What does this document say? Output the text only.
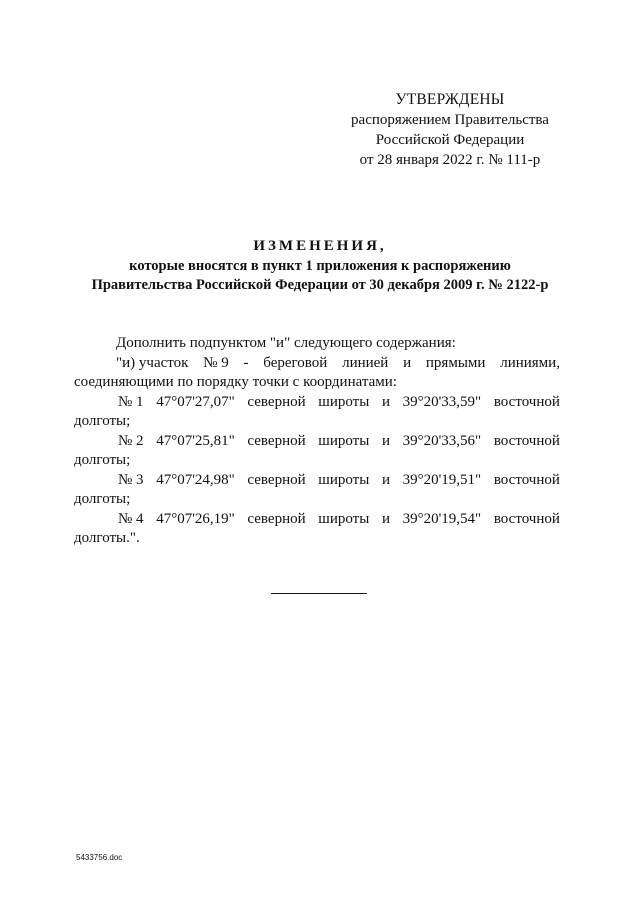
УТВЕРЖДЕНЫ
распоряжением Правительства
Российской Федерации
от 28 января 2022 г. № 111-р
ИЗМЕНЕНИЯ,
которые вносятся в пункт 1 приложения к распоряжению
Правительства Российской Федерации от 30 декабря 2009 г. № 2122-р
Дополнить подпунктом "и" следующего содержания:
"и) участок № 9 - береговой линией и прямыми линиями,
соединяющими по порядку точки с координатами:
№ 1 47°07'27,07" северной широты и 39°20'33,59" восточной
долготы;
№ 2 47°07'25,81" северной широты и 39°20'33,56" восточной
долготы;
№ 3 47°07'24,98" северной широты и 39°20'19,51" восточной
долготы;
№ 4 47°07'26,19" северной широты и 39°20'19,54" восточной
долготы.".
5433756.doc
